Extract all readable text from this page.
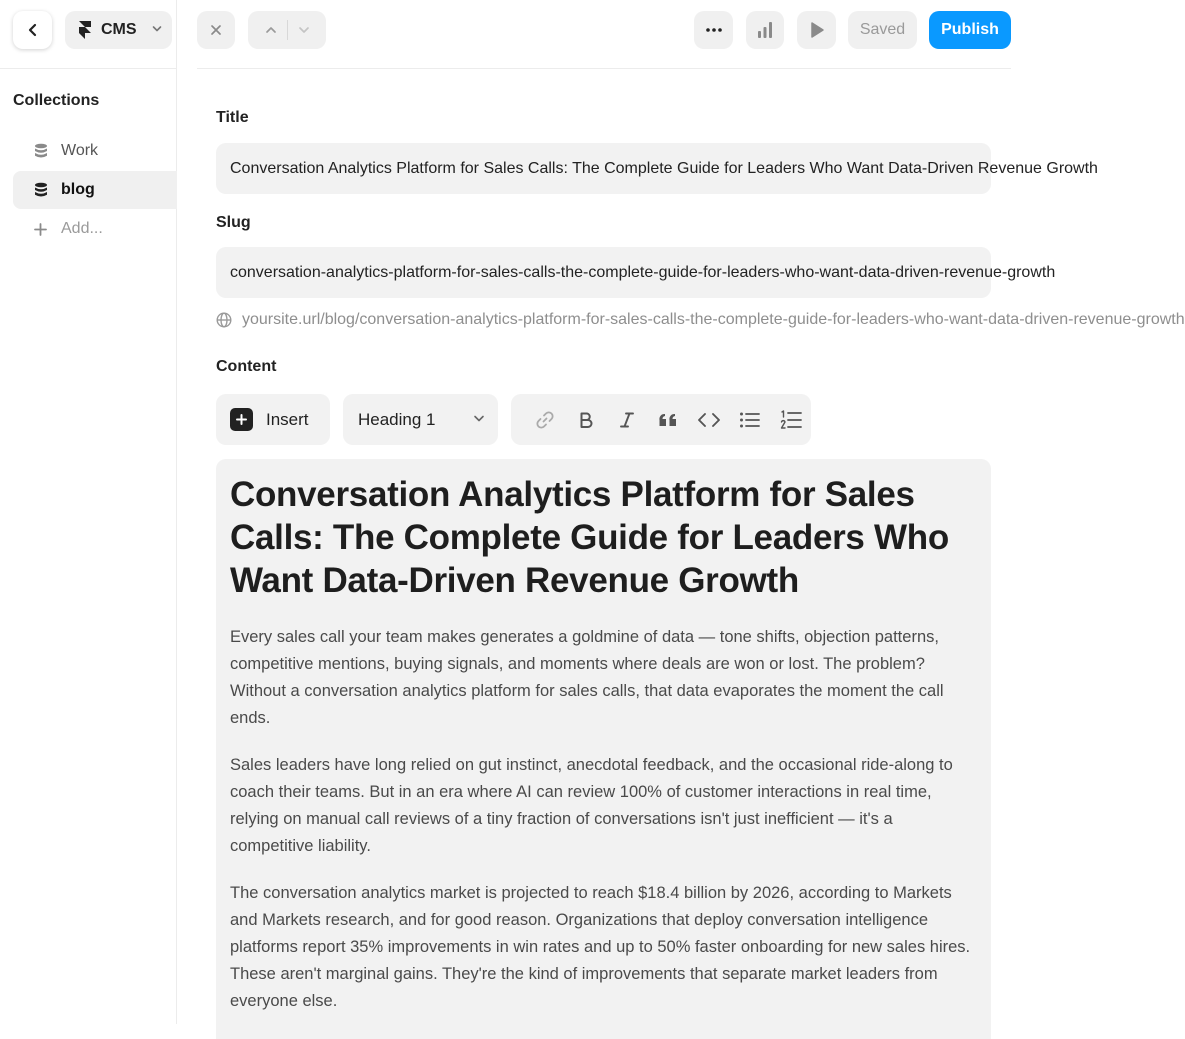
CMS
Collections
Work
blog
Add...
Saved	Publish
Title
Conversation Analytics Platform for Sales Calls: The Complete Guide for Leaders Who Want Data-Driven Revenue Growth
Slug
conversation-analytics-platform-for-sales-calls-the-complete-guide-for-leaders-who-want-data-driven-revenue-growth
yoursite.url/blog/conversation-analytics-platform-for-sales-calls-the-complete-guide-for-leaders-who-want-data-driven-revenue-growth
Content
Insert	Heading 1
Conversation Analytics Platform for Sales Calls: The Complete Guide for Leaders Who Want Data-Driven Revenue Growth

Every sales call your team makes generates a goldmine of data — tone shifts, objection patterns, competitive mentions, buying signals, and moments where deals are won or lost. The problem? Without a conversation analytics platform for sales calls, that data evaporates the moment the call ends.

Sales leaders have long relied on gut instinct, anecdotal feedback, and the occasional ride-along to coach their teams. But in an era where AI can review 100% of customer interactions in real time, relying on manual call reviews of a tiny fraction of conversations isn't just inefficient — it's a competitive liability.

The conversation analytics market is projected to reach $18.4 billion by 2026, according to Markets and Markets research, and for good reason. Organizations that deploy conversation intelligence platforms report 35% improvements in win rates and up to 50% faster onboarding for new sales hires. These aren't marginal gains. They're the kind of improvements that separate market leaders from everyone else.
